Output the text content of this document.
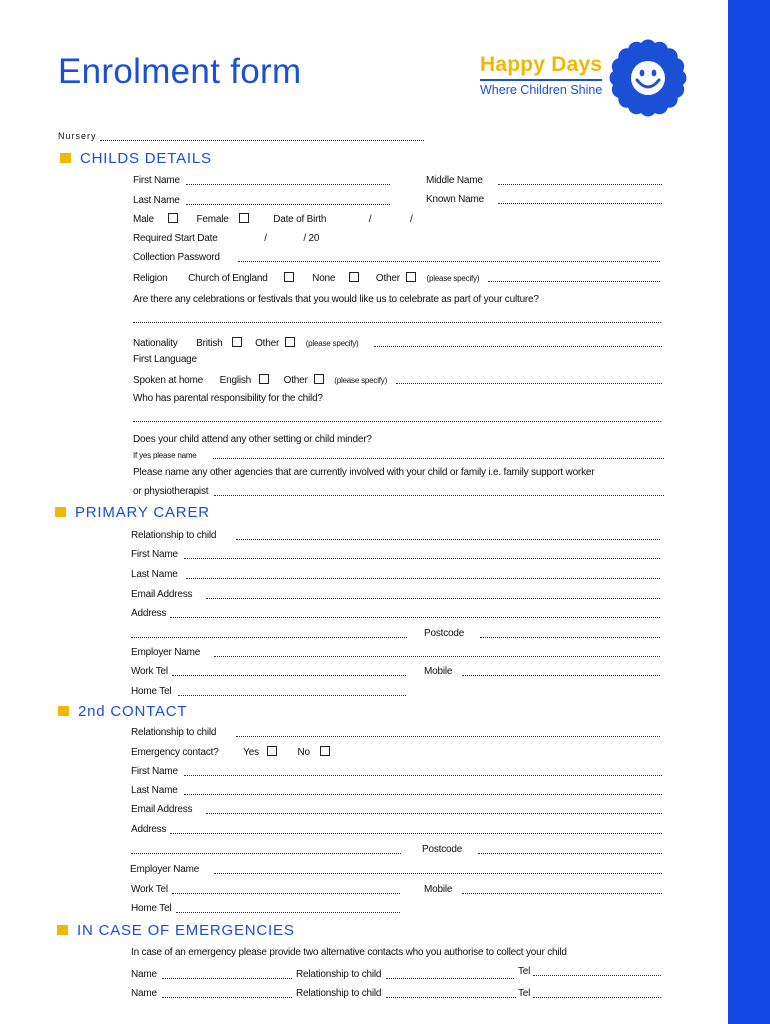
Enrolment form	Happy Days
Where Children Shine
Nursery
CHILDS DETAILS
First Name	Middle Name
Last Name	Known Name
Male	Female	Date of Birth	/	/
Required Start Date	/	/ 20
Collection Password
Religion Church of England	None	Other	(please specify)
Are there any celebrations or festivals that you would like us to celebrate as part of your culture?
Nationality British	Other	(please specify)
First Language
Spoken at home English	Other	(please specify)
Who has parental responsibility for the child?
Does your child attend any other setting or child minder?
If yes please name
Please name any other agencies that are currently involved with your child or family i.e. family support worker
or physiotherapist
PRIMARY CARER
Relationship to child
First Name
Last Name
Email Address
Address
Postcode
Employer Name
Work Tel	Mobile
Home Tel
2nd CONTACT
Relationship to child
Emergency contact? Yes	No
First Name
Last Name
Email Address
Address
Postcode
Employer Name
Work Tel	Mobile
Home Tel
IN CASE OF EMERGENCIES
In case of an emergency please provide two alternative contacts who you authorise to collect your child
Name	Relationship to child	Tel
Name	Relationship to child	Tel
